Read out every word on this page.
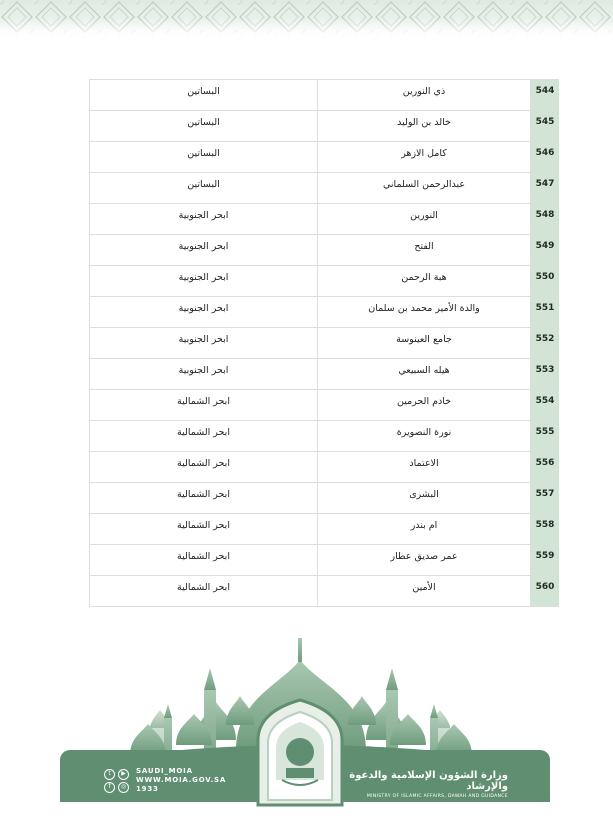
544
ذي النورين
البساتين
545
خالد بن الوليد
البساتين
546
كامل الازهر
البساتين
547
عبدالرحمن السلماني
البساتين
548
النورين
ابحر الجنوبية
549
الفتح
ابحر الجنوبية
550
هبة الرحمن
ابحر الجنوبية
551
والدة الأمير محمد بن سلمان
ابحر الجنوبية
552
جامع العينوسة
ابحر الجنوبية
553
هيله السبيعي
ابحر الجنوبية
554
خادم الحرمين
ابحر الشمالية
555
نورة النصويرة
ابحر الشمالية
556
الاعتماد
ابحر الشمالية
557
البشرى
ابحر الشمالية
558
ام بندر
ابحر الشمالية
559
عمر صديق عطار
ابحر الشمالية
560
الأمين
ابحر الشمالية
t	▶
f	◎
SAUDI_MOIA
WWW.MOIA.GOV.SA
1933
وزارة الشؤون الإسلامية والدعوة والإرشاد
MINISTRY OF ISLAMIC AFFAIRS, DAWAH AND GUIDANCE
